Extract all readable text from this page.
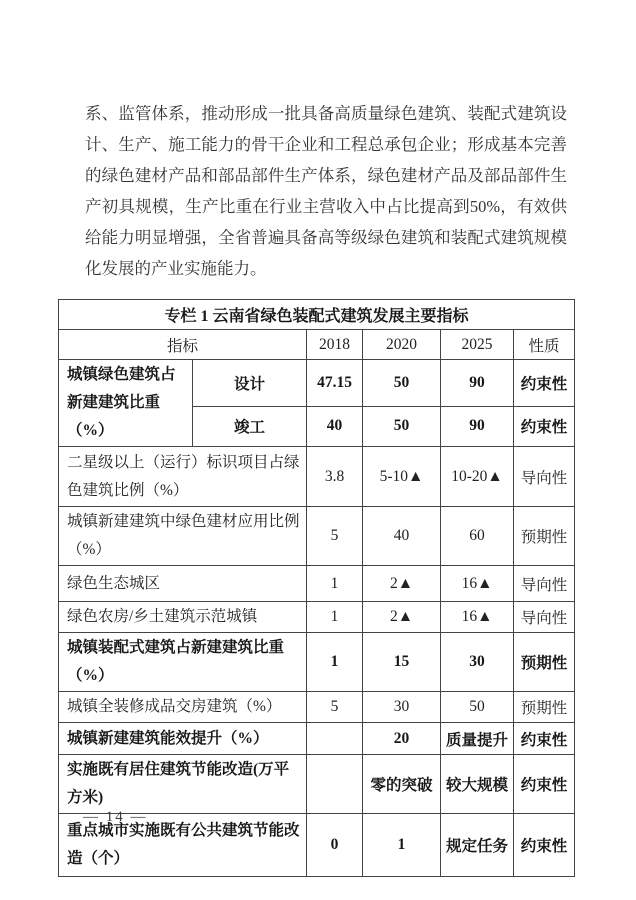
系、监管体系，推动形成一批具备高质量绿色建筑、装配式建筑设计、生产、施工能力的骨干企业和工程总承包企业；形成基本完善的绿色建材产品和部品部件生产体系，绿色建材产品及部品部件生产初具规模，生产比重在行业主营收入中占比提高到50%，有效供给能力明显增强，全省普遍具备高等级绿色建筑和装配式建筑规模化发展的产业实施能力。

专栏 1 云南省绿色装配式建筑发展主要指标					
指标		2018	2020	2025	性质
城镇绿色建筑占新建建筑比重（%）	设计	47.15	50	90	约束性
	竣工	40	50	90	约束性
二星级以上（运行）标识项目占绿色建筑比例（%）		3.8	5-10▲	10-20▲	导向性
城镇新建建筑中绿色建材应用比例（%）		5	40	60	预期性
绿色生态城区		1	2▲	16▲	导向性
绿色农房/乡土建筑示范城镇		1	2▲	16▲	导向性
城镇装配式建筑占新建建筑比重（%）		1	15	30	预期性
城镇全装修成品交房建筑（%）		5	30	50	预期性
城镇新建建筑能效提升（%）			20	质量提升	约束性
实施既有居住建筑节能改造(万平方米)			零的突破	较大规模	约束性
重点城市实施既有公共建筑节能改造（个）		0	1	规定任务	约束性
— 14 —
